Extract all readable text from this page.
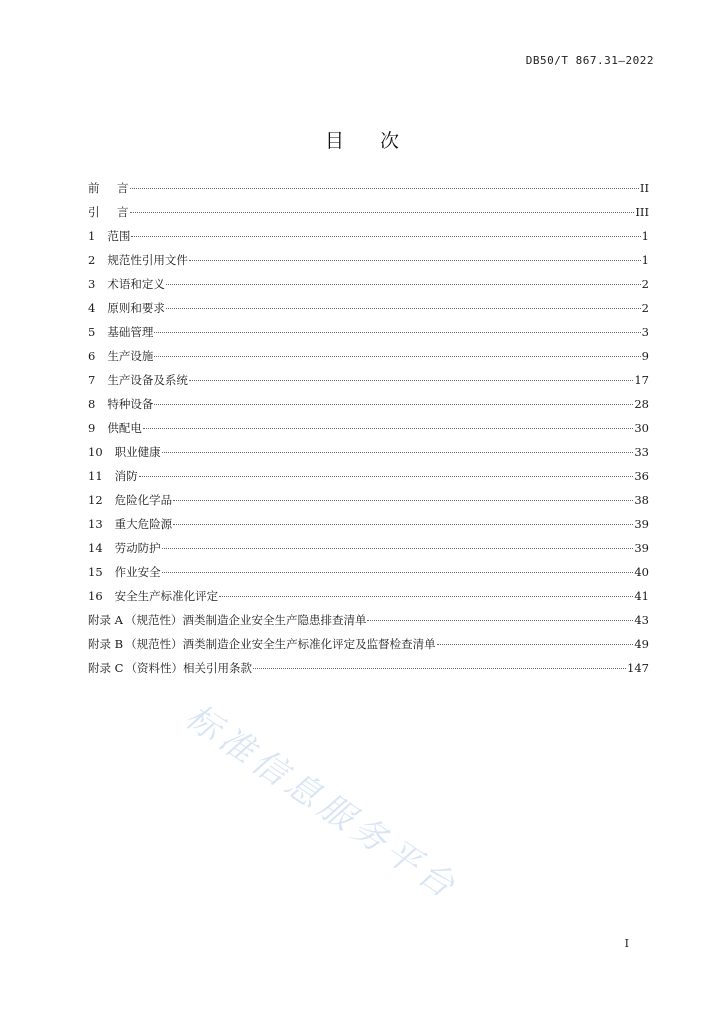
DB50/T 867.31—2022
目 次
前 　言	II
引 　言	III
1 范围	1
2 规范性引用文件	1
3 术语和定义	2
4 原则和要求	2
5 基础管理	3
6 生产设施	9
7 生产设备及系统	17
8 特种设备	28
9 供配电	30
10 职业健康	33
11 消防	36
12 危险化学品	38
13 重大危险源	39
14 劳动防护	39
15 作业安全	40
16 安全生产标准化评定	41
附录 A （规范性）酒类制造企业安全生产隐患排查清单	43
附录 B （规范性）酒类制造企业安全生产标准化评定及监督检查清单	49
附录 C （资料性）相关引用条款	147
标准信息服务平台
I
